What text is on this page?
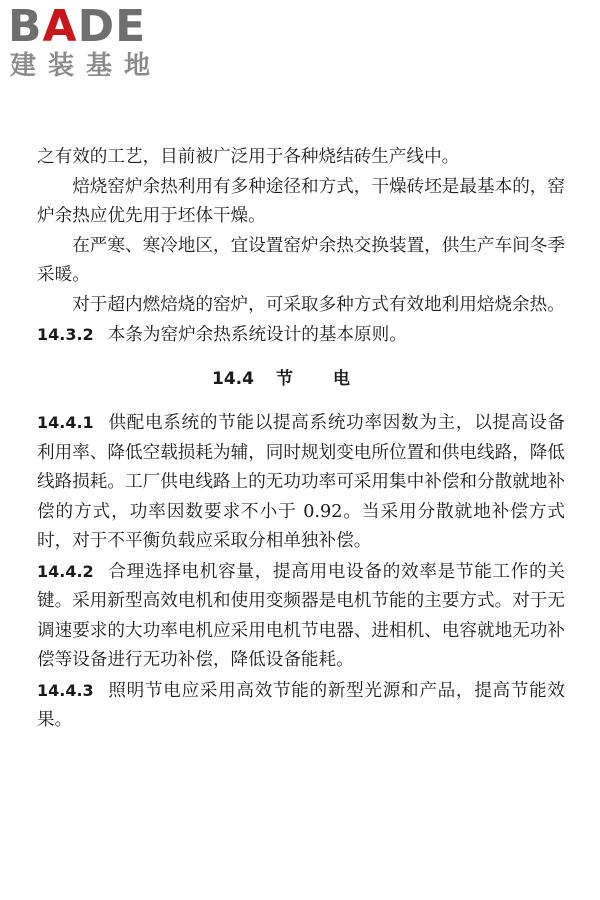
BADE
建装基地

之有效的工艺，目前被广泛用于各种烧结砖生产线中。

焙烧窑炉余热利用有多种途径和方式，干燥砖坯是最基本的，窑炉余热应优先用于坯体干燥。

在严寒、寒冷地区，宜设置窑炉余热交换装置，供生产车间冬季采暖。

对于超内燃焙烧的窑炉，可采取多种方式有效地利用焙烧余热。

14.3.2 本条为窑炉余热系统设计的基本原则。

14.4 节电

14.4.1 供配电系统的节能以提高系统功率因数为主，以提高设备利用率、降低空载损耗为辅，同时规划变电所位置和供电线路，降低线路损耗。工厂供电线路上的无功功率可采用集中补偿和分散就地补偿的方式，功率因数要求不小于 0.92。当采用分散就地补偿方式时，对于不平衡负载应采取分相单独补偿。

14.4.2 合理选择电机容量，提高用电设备的效率是节能工作的关键。采用新型高效电机和使用变频器是电机节能的主要方式。对于无调速要求的大功率电机应采用电机节电器、进相机、电容就地无功补偿等设备进行无功补偿，降低设备能耗。

14.4.3 照明节电应采用高效节能的新型光源和产品，提高节能效果。
